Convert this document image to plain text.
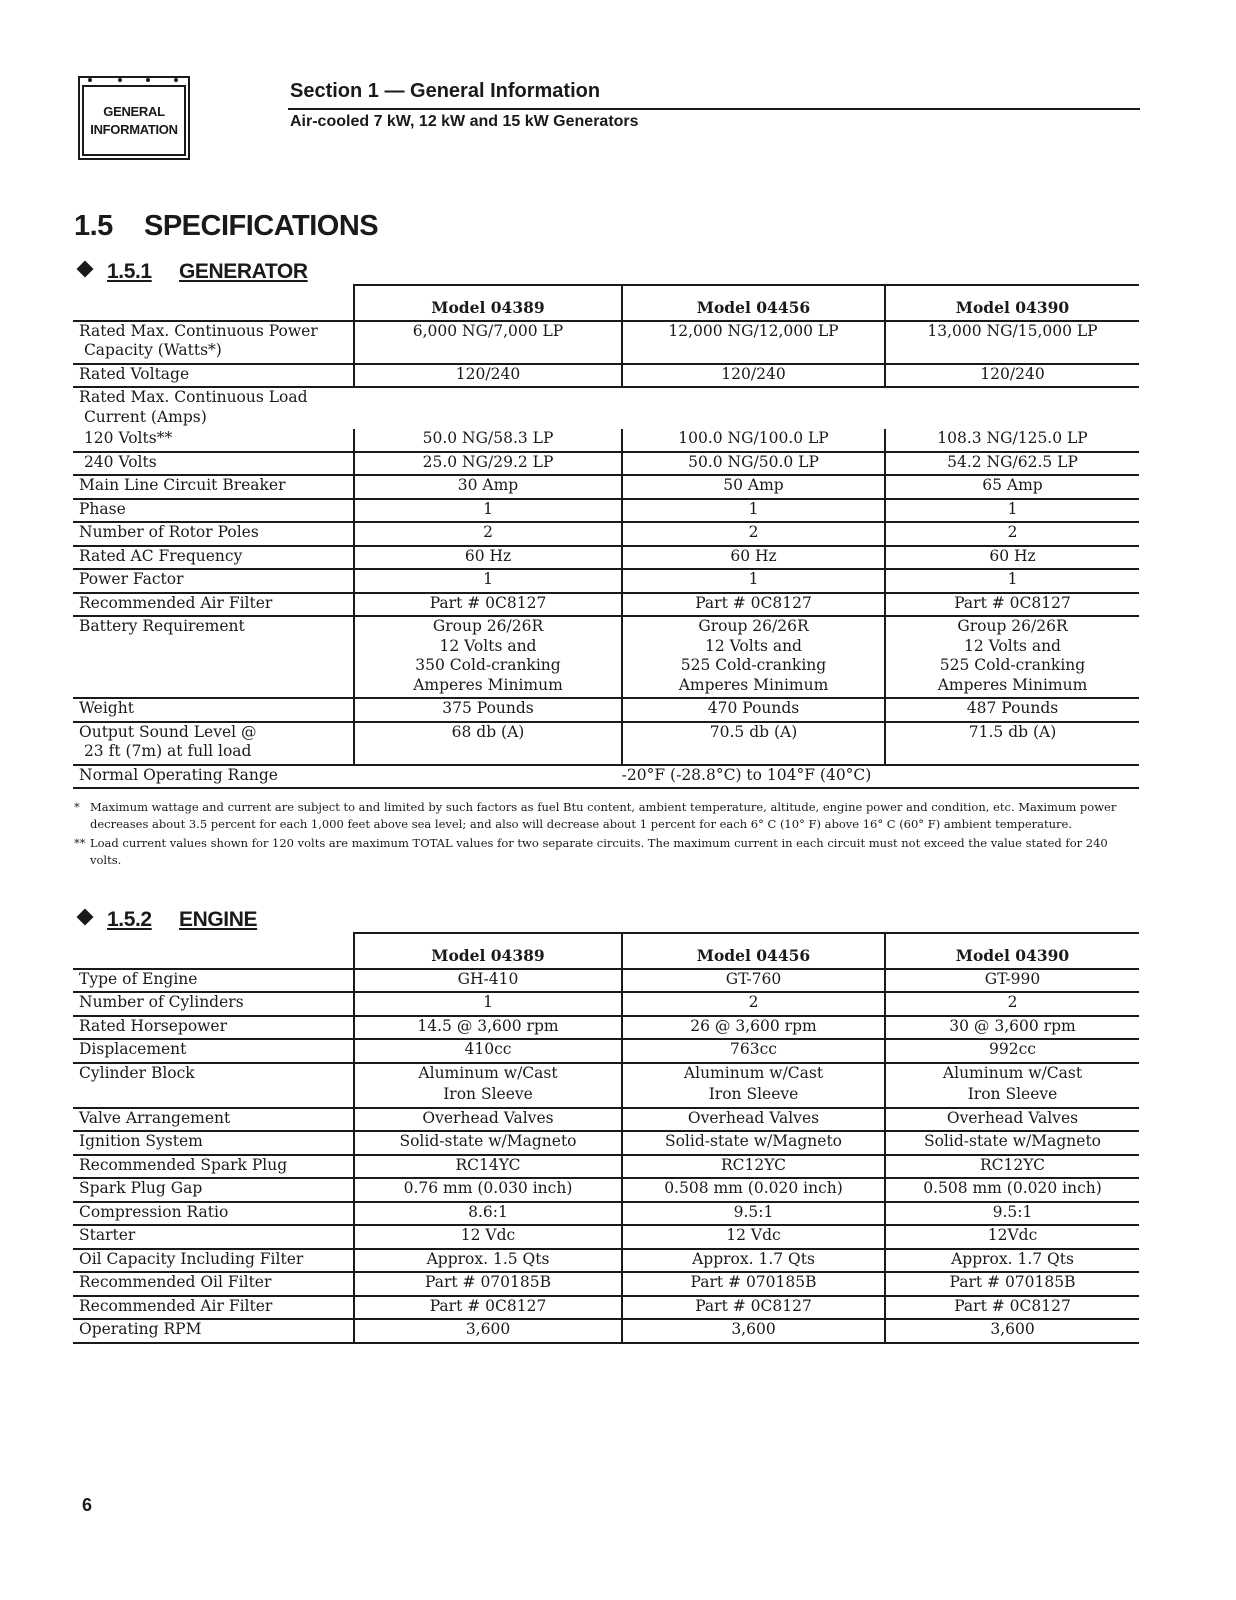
GENERAL
INFORMATION
Section 1 — General Information
Air-cooled 7 kW, 12 kW and 15 kW Generators
1.5 SPECIFICATIONS
1.5.1 GENERATOR
	Model 04389	Model 04456	Model 04390
Rated Max. Continuous Power
Capacity (Watts*)	6,000 NG/7,000 LP	12,000 NG/12,000 LP	13,000 NG/15,000 LP
Rated Voltage	120/240	120/240	120/240
Rated Max. Continuous Load
Current (Amps)			
120 Volts**	50.0 NG/58.3 LP	100.0 NG/100.0 LP	108.3 NG/125.0 LP
240 Volts	25.0 NG/29.2 LP	50.0 NG/50.0 LP	54.2 NG/62.5 LP
Main Line Circuit Breaker	30 Amp	50 Amp	65 Amp
Phase	1	1	1
Number of Rotor Poles	2	2	2
Rated AC Frequency	60 Hz	60 Hz	60 Hz
Power Factor	1	1	1
Recommended Air Filter	Part # 0C8127	Part # 0C8127	Part # 0C8127
Battery Requirement	Group 26/26R
12 Volts and
350 Cold-cranking
Amperes Minimum	Group 26/26R
12 Volts and
525 Cold-cranking
Amperes Minimum	Group 26/26R
12 Volts and
525 Cold-cranking
Amperes Minimum
Weight	375 Pounds	470 Pounds	487 Pounds
Output Sound Level @
23 ft (7m) at full load	68 db (A)	70.5 db (A)	71.5 db (A)
Normal Operating Range	-20°F (-28.8°C) to 104°F (40°C)		
* Maximum wattage and current are subject to and limited by such factors as fuel Btu content, ambient temperature, altitude, engine power and condition, etc. Maximum power decreases about 3.5 percent for each 1,000 feet above sea level; and also will decrease about 1 percent for each 6° C (10° F) above 16° C (60° F) ambient temperature.
** Load current values shown for 120 volts are maximum TOTAL values for two separate circuits. The maximum current in each circuit must not exceed the value stated for 240 volts.
1.5.2 ENGINE
	Model 04389	Model 04456	Model 04390
Type of Engine	GH-410	GT-760	GT-990
Number of Cylinders	1	2	2
Rated Horsepower	14.5 @ 3,600 rpm	26 @ 3,600 rpm	30 @ 3,600 rpm
Displacement	410cc	763cc	992cc
Cylinder Block	Aluminum w/Cast	Aluminum w/Cast	Aluminum w/Cast
	Iron Sleeve	Iron Sleeve	Iron Sleeve
Valve Arrangement	Overhead Valves	Overhead Valves	Overhead Valves
Ignition System	Solid-state w/Magneto	Solid-state w/Magneto	Solid-state w/Magneto
Recommended Spark Plug	RC14YC	RC12YC	RC12YC
Spark Plug Gap	0.76 mm (0.030 inch)	0.508 mm (0.020 inch)	0.508 mm (0.020 inch)
Compression Ratio	8.6:1	9.5:1	9.5:1
Starter	12 Vdc	12 Vdc	12Vdc
Oil Capacity Including Filter	Approx. 1.5 Qts	Approx. 1.7 Qts	Approx. 1.7 Qts
Recommended Oil Filter	Part # 070185B	Part # 070185B	Part # 070185B
Recommended Air Filter	Part # 0C8127	Part # 0C8127	Part # 0C8127
Operating RPM	3,600	3,600	3,600
6
